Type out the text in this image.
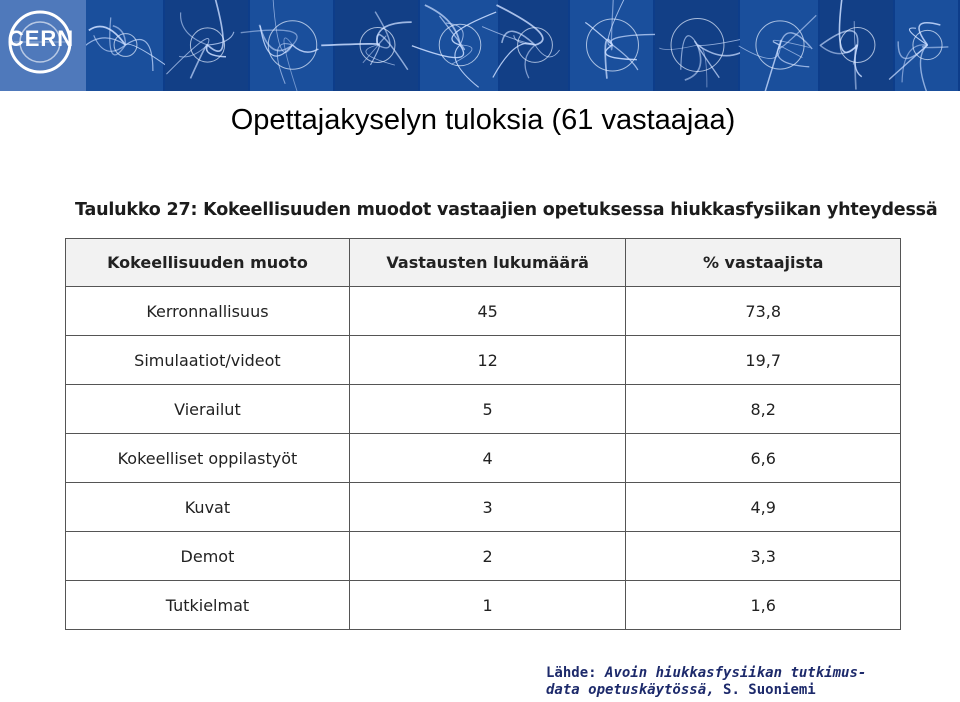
CERN
Opettajakyselyn tuloksia (61 vastaajaa)
Taulukko 27: Kokeellisuuden muodot vastaajien opetuksessa hiukkasfysiikan yhteydessä
Kokeellisuuden muoto	Vastausten lukumäärä	% vastaajista
Kerronnallisuus	45	73,8
Simulaatiot/videot	12	19,7
Vierailut	5	8,2
Kokeelliset oppilastyöt	4	6,6
Kuvat	3	4,9
Demot	2	3,3
Tutkielmat	1	1,6
Lähde: Avoin hiukkasfysiikan tutkimus-
data opetuskäytössä, S. Suoniemi
